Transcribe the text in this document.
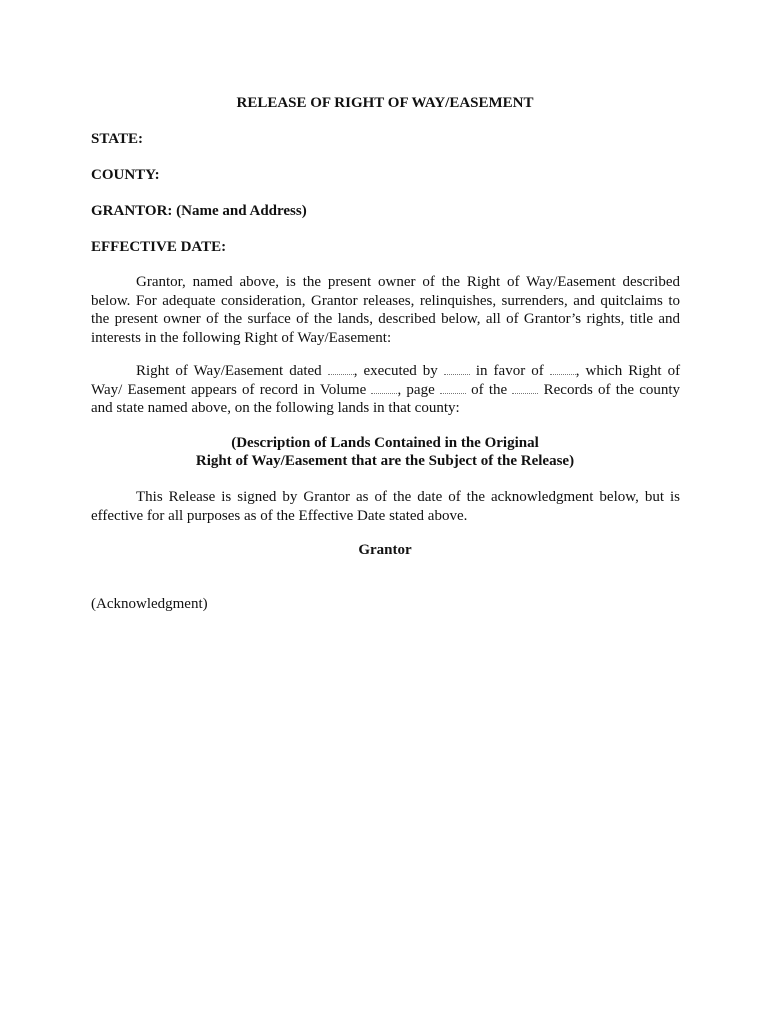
RELEASE OF RIGHT OF WAY/EASEMENT
STATE:
COUNTY:
GRANTOR: (Name and Address)
EFFECTIVE DATE:
Grantor, named above, is the present owner of the Right of Way/Easement described below. For adequate consideration, Grantor releases, relinquishes, surrenders, and quitclaims to the present owner of the surface of the lands, described below, all of Grantor’s rights, title and interests in the following Right of Way/Easement:
Right of Way/Easement dated , executed by	in favor of , which Right of Way/ Easement appears of record in Volume , page of the Records of the county and state named above, on the following lands in that county:
(Description of Lands Contained in the Original
Right of Way/Easement that are the Subject of the Release)
This Release is signed by Grantor as of the date of the acknowledgment below, but is effective for all purposes as of the Effective Date stated above.
Grantor
(Acknowledgment)
